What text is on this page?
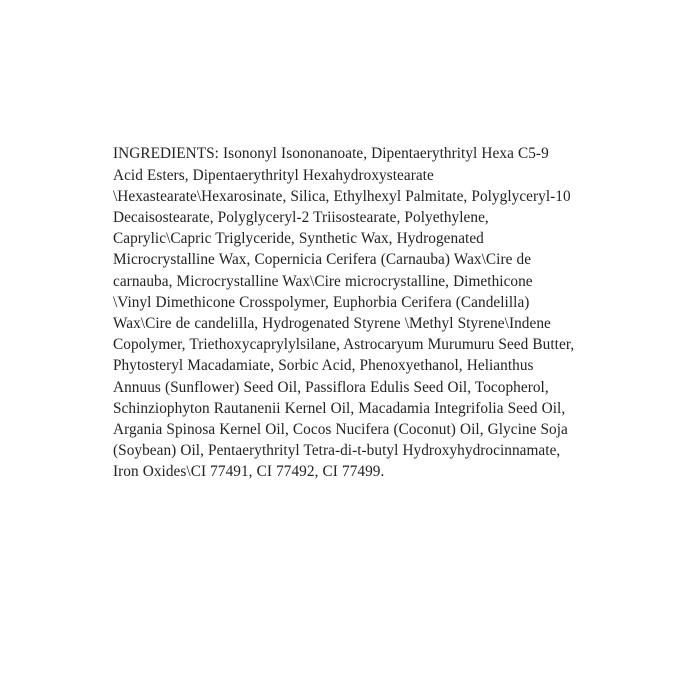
INGREDIENTS: Isononyl Isononanoate, Dipentaerythrityl Hexa C5-9 Acid Esters, Dipentaerythrityl Hexahydroxystearate \Hexastearate\Hexarosinate, Silica, Ethylhexyl Palmitate, Polyglyceryl-10 Decaisostearate, Polyglyceryl-2 Triisostearate, Polyethylene, Caprylic\Capric Triglyceride, Synthetic Wax, Hydrogenated Microcrystalline Wax, Copernicia Cerifera (Carnauba) Wax\Cire de carnauba, Microcrystalline Wax\Cire microcrystalline, Dimethicone \Vinyl Dimethicone Crosspolymer, Euphorbia Cerifera (Candelilla) Wax\Cire de candelilla, Hydrogenated Styrene \Methyl Styrene\Indene Copolymer, Triethoxycaprylylsilane, Astrocaryum Murumuru Seed Butter, Phytosteryl Macadamiate, Sorbic Acid, Phenoxyethanol, Helianthus Annuus (Sunflower) Seed Oil, Passiflora Edulis Seed Oil, Tocopherol, Schinziophyton Rautanenii Kernel Oil, Macadamia Integrifolia Seed Oil, Argania Spinosa Kernel Oil, Cocos Nucifera (Coconut) Oil, Glycine Soja (Soybean) Oil, Pentaerythrityl Tetra-di-t-butyl Hydroxyhydrocinnamate, Iron Oxides\CI 77491, CI 77492, CI 77499.
